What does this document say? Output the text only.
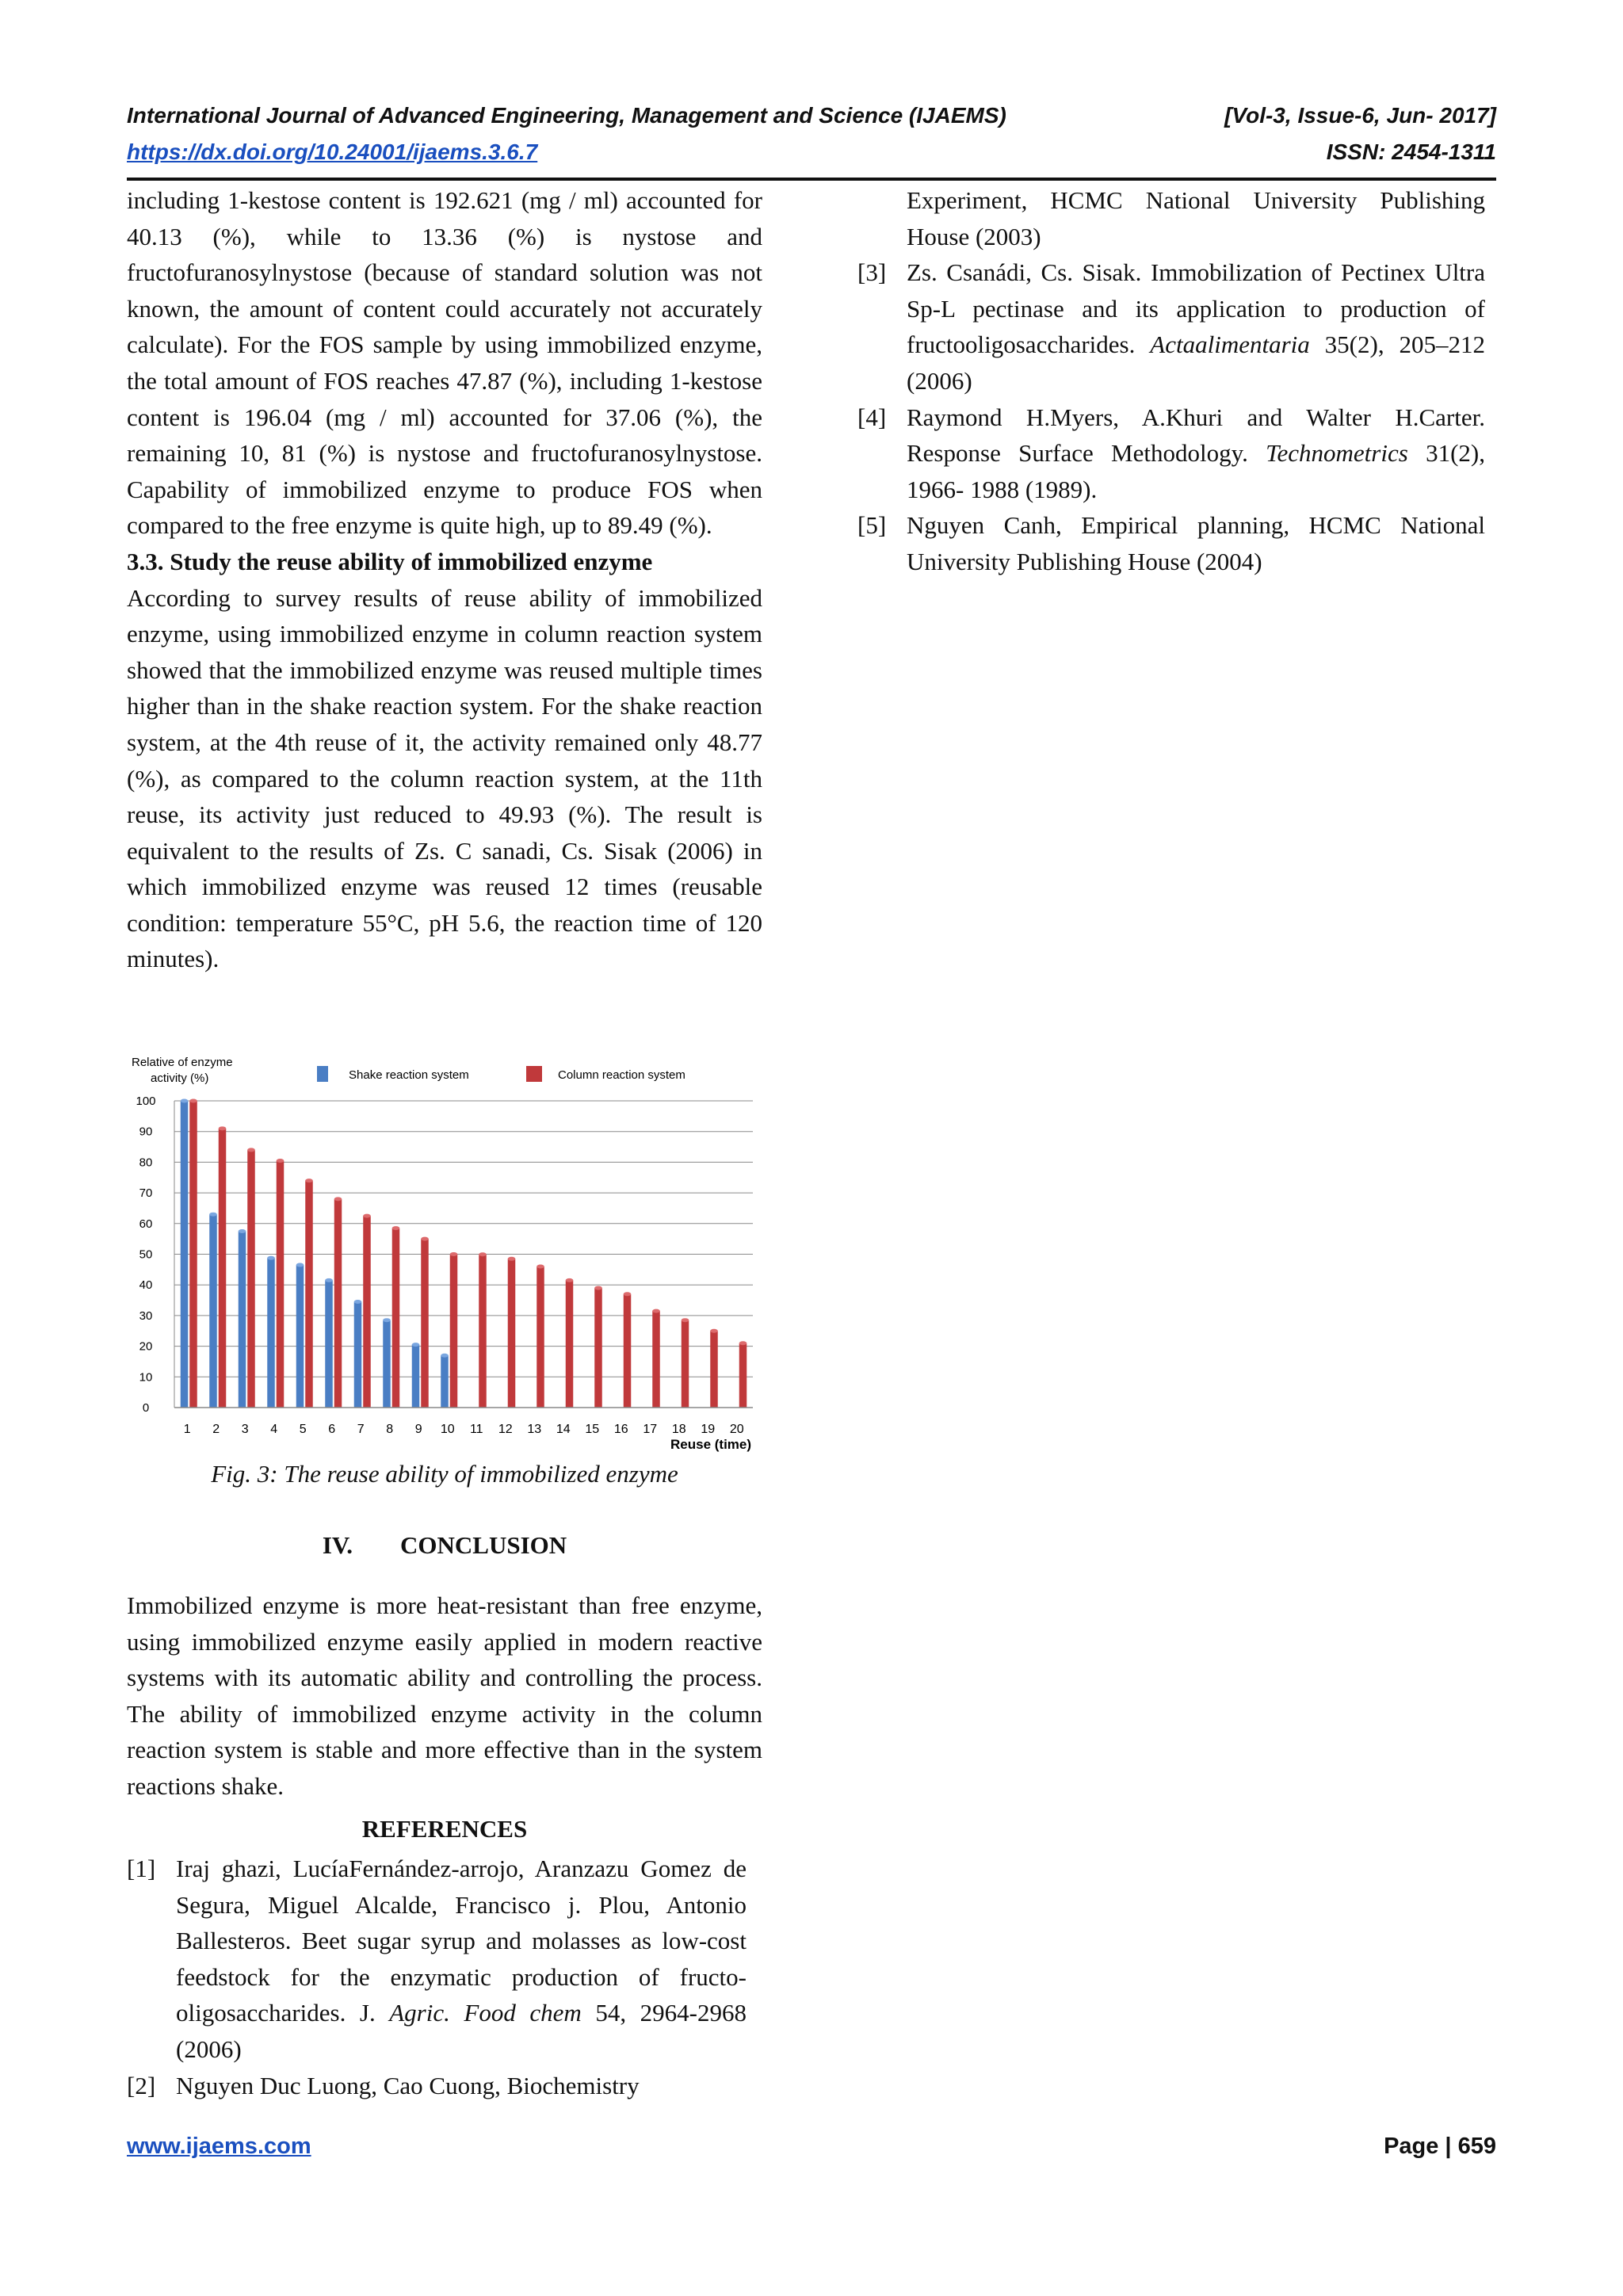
International Journal of Advanced Engineering, Management and Science (IJAEMS)	[Vol-3, Issue-6, Jun- 2017]
https://dx.doi.org/10.24001/ijaems.3.6.7	ISSN: 2454-1311

including 1-kestose content is 192.621 (mg / ml) accounted for 40.13 (%), while to 13.36 (%) is nystose and fructofuranosylnystose (because of standard solution was not known, the amount of content could accurately not accurately calculate). For the FOS sample by using immobilized enzyme, the total amount of FOS reaches 47.87 (%), including 1-kestose content is 196.04 (mg / ml) accounted for 37.06 (%), the remaining 10, 81 (%) is nystose and fructofuranosylnystose. Capability of immobilized enzyme to produce FOS when compared to the free enzyme is quite high, up to 89.49 (%).

3.3. Study the reuse ability of immobilized enzyme

According to survey results of reuse ability of immobilized enzyme, using immobilized enzyme in column reaction system showed that the immobilized enzyme was reused multiple times higher than in the shake reaction system. For the shake reaction system, at the 4th reuse of it, the activity remained only 48.77 (%), as compared to the column reaction system, at the 11th reuse, its activity just reduced to 49.93 (%). The result is equivalent to the results of Zs. C sanadi, Cs. Sisak (2006) in which immobilized enzyme was reused 12 times (reusable condition: temperature 55°C, pH 5.6, the reaction time of 120 minutes).

0
10
20
30
40
50
60
70
80
90
100
1 2 3 4 5 6 7 8 9 10 11 12 13 14 15 16 17 18 19 20
Relative of enzyme
activity (%)
Reuse (time)
Shake reaction system	Column reaction system
Fig. 3: The reuse ability of immobilized enzyme
IV. CONCLUSION

Immobilized enzyme is more heat-resistant than free enzyme, using immobilized enzyme easily applied in modern reactive systems with its automatic ability and controlling the process. The ability of immobilized enzyme activity in the column reaction system is stable and more effective than in the system reactions shake.

REFERENCES
[1] Iraj ghazi, LucíaFernández-arrojo, Aranzazu Gomez de Segura, Miguel Alcalde, Francisco j. Plou, Antonio Ballesteros. Beet sugar syrup and molasses as low-cost feedstock for the enzymatic production of fructo-oligosaccharides. J. Agric. Food chem 54, 2964-2968 (2006)
[2] Nguyen Duc Luong, Cao Cuong, Biochemistry
Experiment, HCMC National University Publishing House (2003)
[3] Zs. Csanádi, Cs. Sisak. Immobilization of Pectinex Ultra Sp-L pectinase and its application to production of fructooligosaccharides. Actaalimentaria 35(2), 205–212 (2006)
[4] Raymond H.Myers, A.Khuri and Walter H.Carter. Response Surface Methodology. Technometrics 31(2), 1966- 1988 (1989).
[5] Nguyen Canh, Empirical planning, HCMC National University Publishing House (2004)
www.ijaems.com	Page | 659
